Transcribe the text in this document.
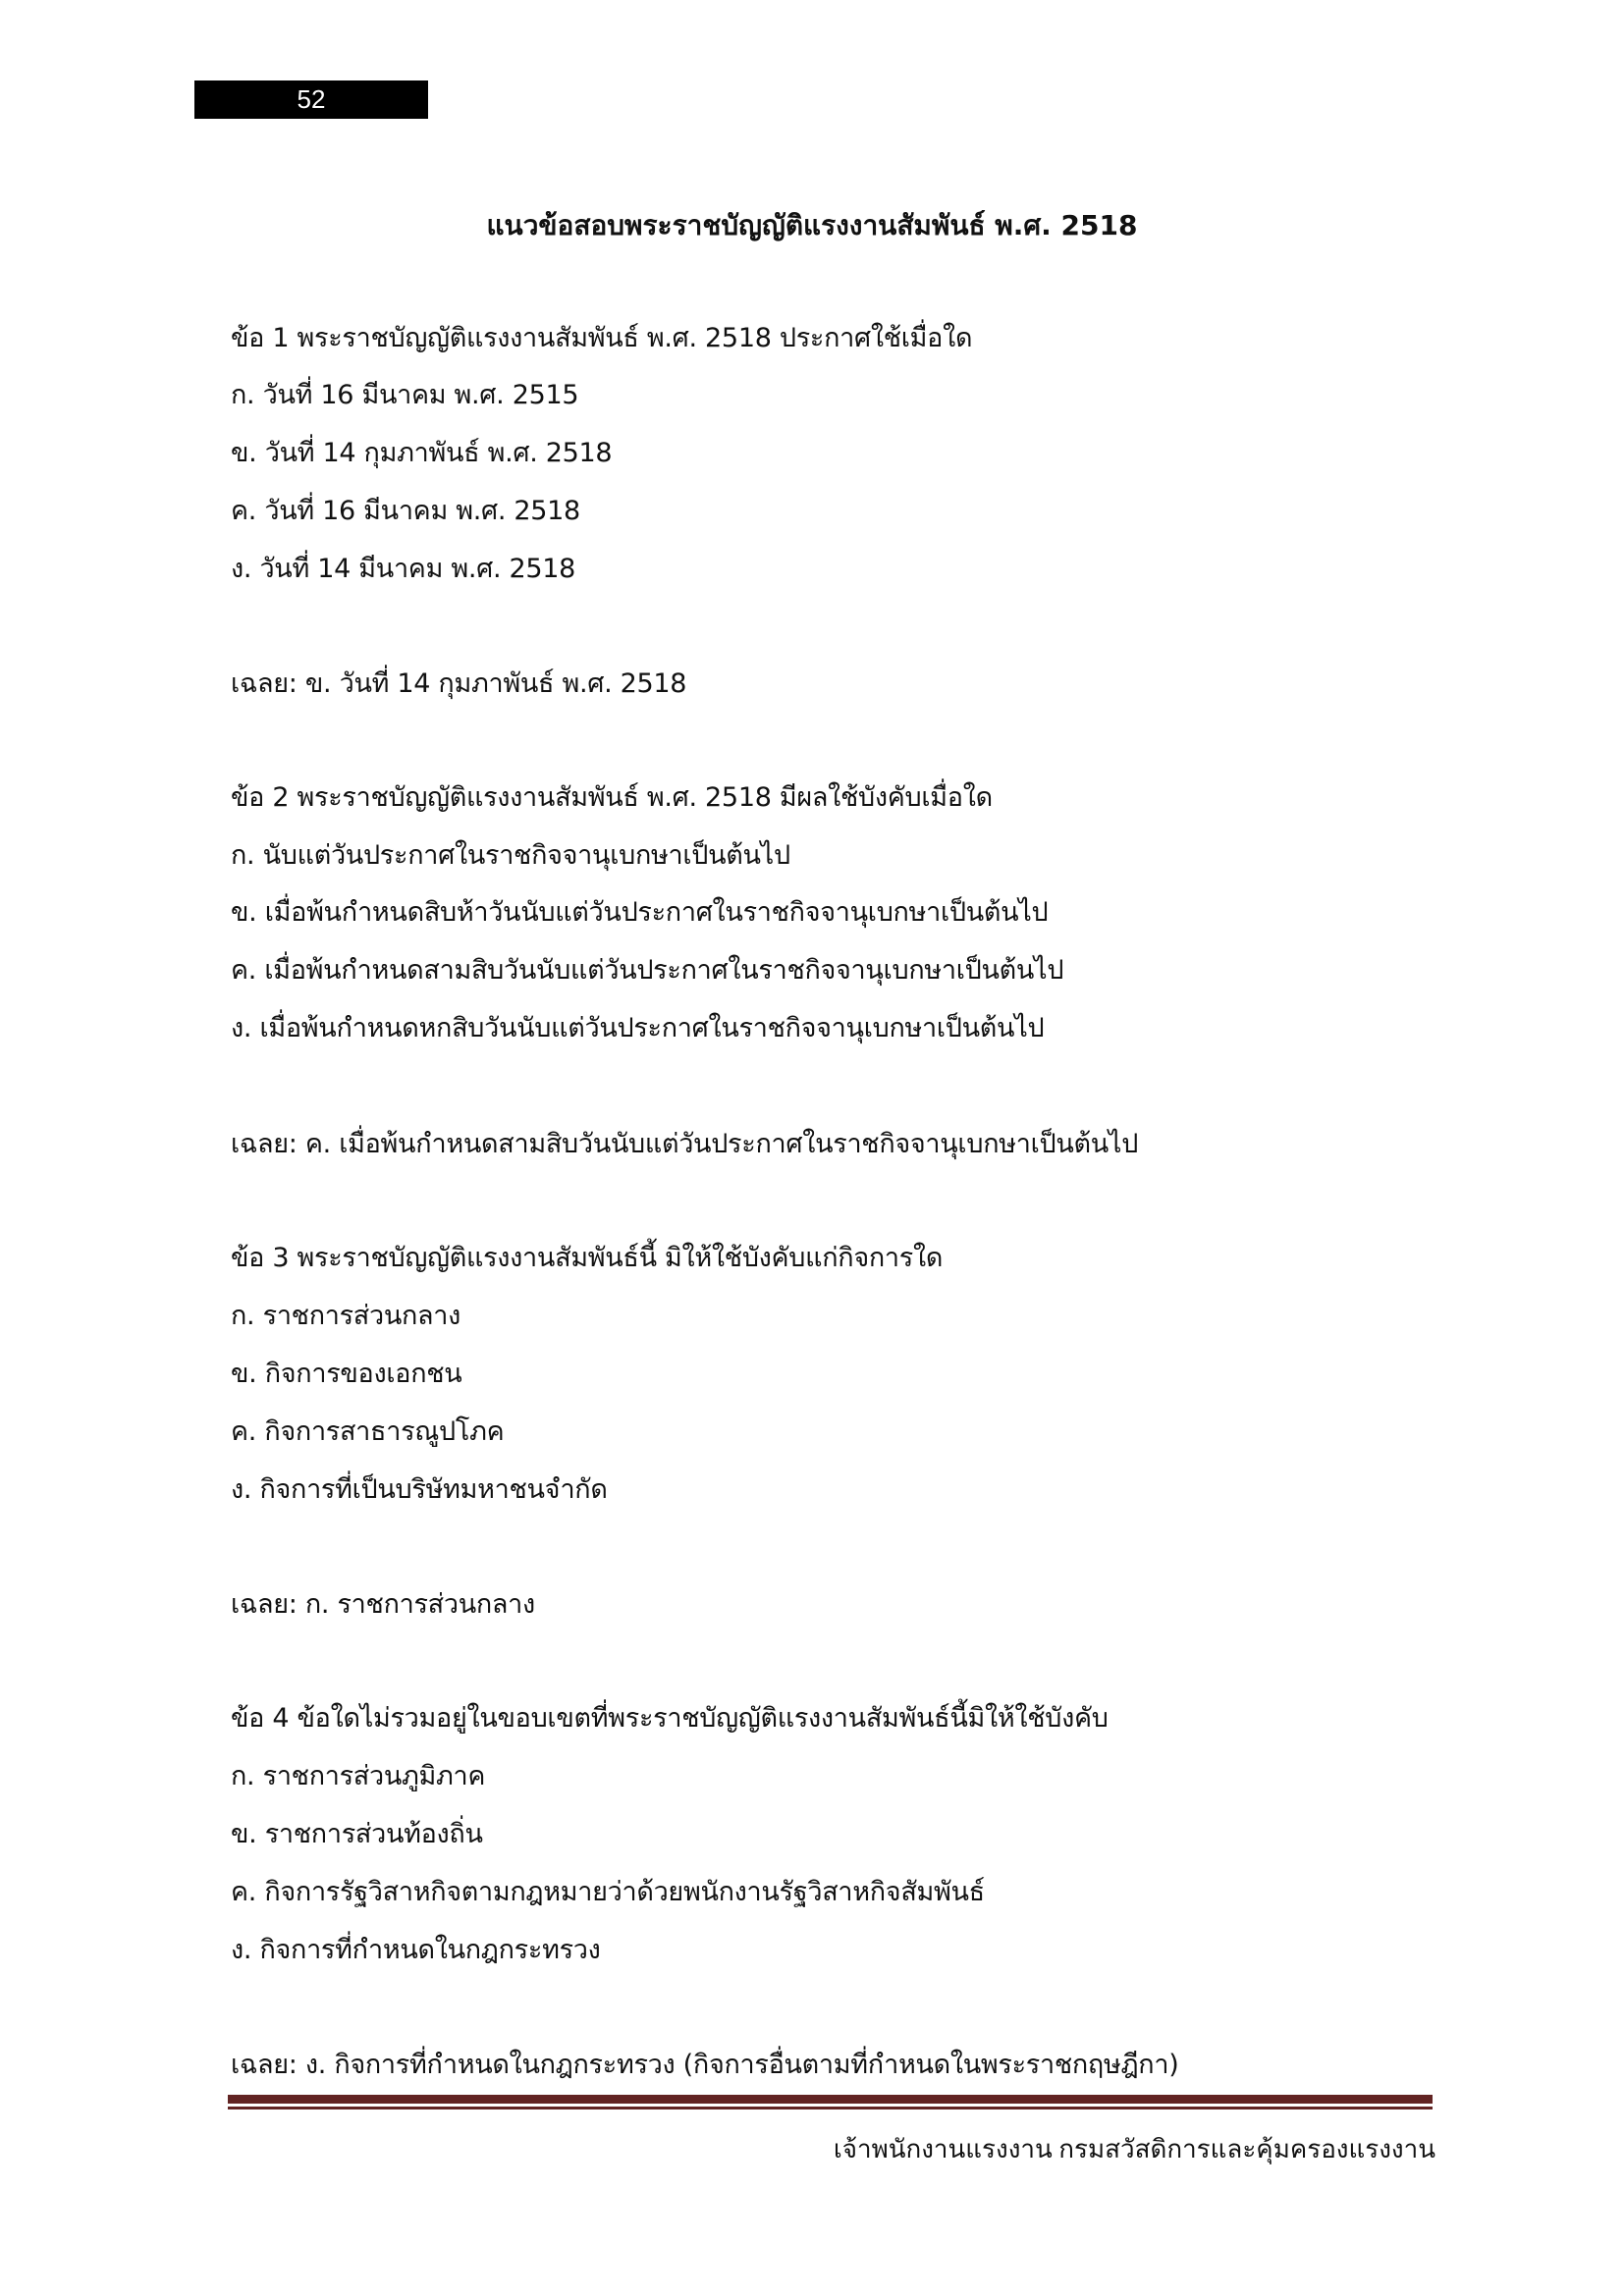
52
แนวข้อสอบพระราชบัญญัติแรงงานสัมพันธ์ พ.ศ. 2518
ข้อ 1 พระราชบัญญัติแรงงานสัมพันธ์ พ.ศ. 2518 ประกาศใช้เมื่อใด
ก. วันที่ 16 มีนาคม พ.ศ. 2515
ข. วันที่ 14 กุมภาพันธ์ พ.ศ. 2518
ค. วันที่ 16 มีนาคม พ.ศ. 2518
ง. วันที่ 14 มีนาคม พ.ศ. 2518
เฉลย: ข. วันที่ 14 กุมภาพันธ์ พ.ศ. 2518
ข้อ 2 พระราชบัญญัติแรงงานสัมพันธ์ พ.ศ. 2518 มีผลใช้บังคับเมื่อใด
ก. นับแต่วันประกาศในราชกิจจานุเบกษาเป็นต้นไป
ข. เมื่อพ้นกำหนดสิบห้าวันนับแต่วันประกาศในราชกิจจานุเบกษาเป็นต้นไป
ค. เมื่อพ้นกำหนดสามสิบวันนับแต่วันประกาศในราชกิจจานุเบกษาเป็นต้นไป
ง. เมื่อพ้นกำหนดหกสิบวันนับแต่วันประกาศในราชกิจจานุเบกษาเป็นต้นไป
เฉลย: ค. เมื่อพ้นกำหนดสามสิบวันนับแต่วันประกาศในราชกิจจานุเบกษาเป็นต้นไป
ข้อ 3 พระราชบัญญัติแรงงานสัมพันธ์นี้ มิให้ใช้บังคับแก่กิจการใด
ก. ราชการส่วนกลาง
ข. กิจการของเอกชน
ค. กิจการสาธารณูปโภค
ง. กิจการที่เป็นบริษัทมหาชนจำกัด
เฉลย: ก. ราชการส่วนกลาง
ข้อ 4 ข้อใดไม่รวมอยู่ในขอบเขตที่พระราชบัญญัติแรงงานสัมพันธ์นี้มิให้ใช้บังคับ
ก. ราชการส่วนภูมิภาค
ข. ราชการส่วนท้องถิ่น
ค. กิจการรัฐวิสาหกิจตามกฎหมายว่าด้วยพนักงานรัฐวิสาหกิจสัมพันธ์
ง. กิจการที่กำหนดในกฎกระทรวง
เฉลย: ง. กิจการที่กำหนดในกฎกระทรวง (กิจการอื่นตามที่กำหนดในพระราชกฤษฎีกา)
เจ้าพนักงานแรงงาน กรมสวัสดิการและคุ้มครองแรงงาน
